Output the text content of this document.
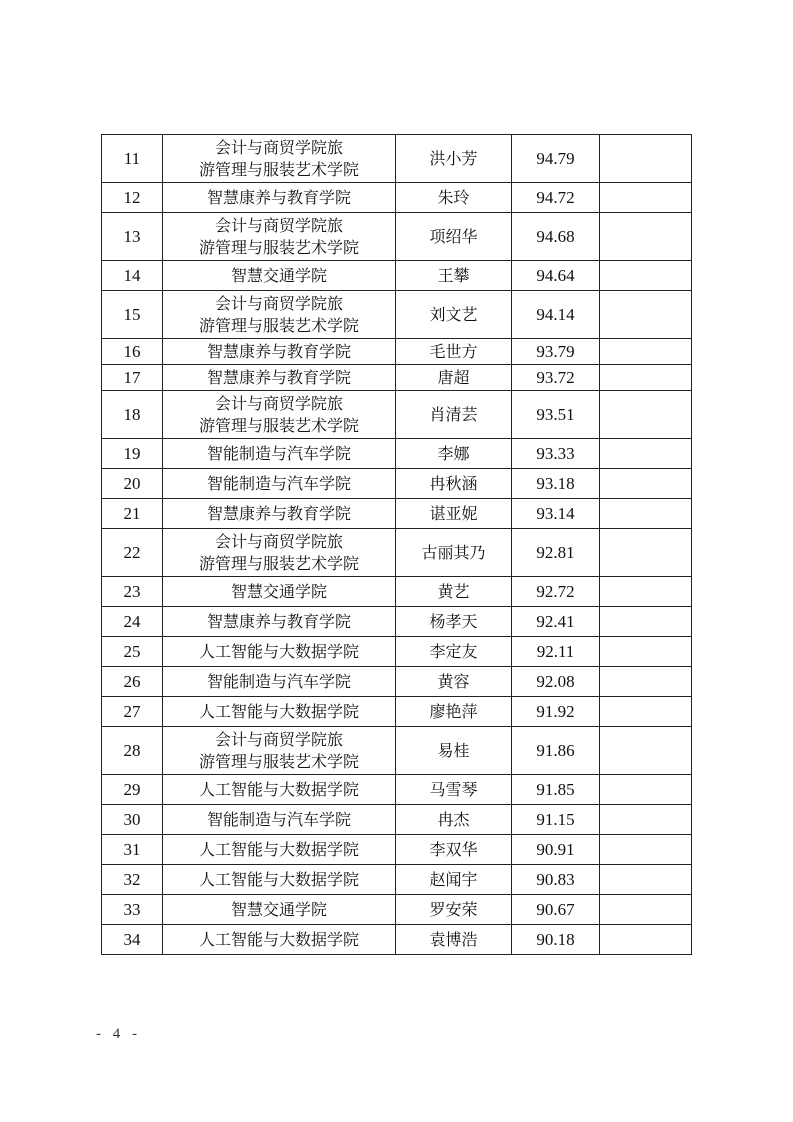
11	会计与商贸学院旅
游管理与服装艺术学院	洪小芳	94.79	
12	智慧康养与教育学院	朱玲	94.72	
13	会计与商贸学院旅
游管理与服装艺术学院	项绍华	94.68	
14	智慧交通学院	王攀	94.64	
15	会计与商贸学院旅
游管理与服装艺术学院	刘文艺	94.14	
16	智慧康养与教育学院	毛世方	93.79	
17	智慧康养与教育学院	唐超	93.72	
18	会计与商贸学院旅
游管理与服装艺术学院	肖清芸	93.51	
19	智能制造与汽车学院	李娜	93.33	
20	智能制造与汽车学院	冉秋涵	93.18	
21	智慧康养与教育学院	谌亚妮	93.14	
22	会计与商贸学院旅
游管理与服装艺术学院	古丽其乃	92.81	
23	智慧交通学院	黄艺	92.72	
24	智慧康养与教育学院	杨孝天	92.41	
25	人工智能与大数据学院	李定友	92.11	
26	智能制造与汽车学院	黄容	92.08	
27	人工智能与大数据学院	廖艳萍	91.92	
28	会计与商贸学院旅
游管理与服装艺术学院	易桂	91.86	
29	人工智能与大数据学院	马雪琴	91.85	
30	智能制造与汽车学院	冉杰	91.15	
31	人工智能与大数据学院	李双华	90.91	
32	人工智能与大数据学院	赵闻宇	90.83	
33	智慧交通学院	罗安荣	90.67	
34	人工智能与大数据学院	袁博浩	90.18	
- 4 -
